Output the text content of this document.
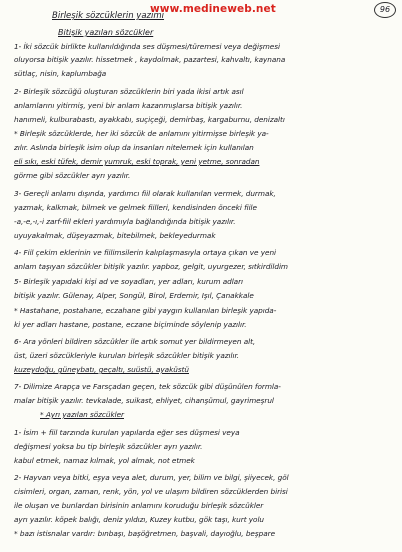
www.medineweb.net	96
Birleşik sözcüklerin yazımı
Bitişik yazılan sözcükler
1- İki sözcük birlikte kullanıldığında ses düşmesi/türemesi veya değişmesi
oluyorsa bitişik yazılır. hissetmek , kaydolmak, pazartesi, kahvaltı, kaynana
sütlaç, nisin, kaplumbağa
2- Birleşik sözcüğü oluşturan sözcüklerin biri yada ikisi artık asıl
anlamlarını yitirmiş, yeni bir anlam kazanmışlarsa bitişik yazılır.
hanımeli, kulburabastı, ayakkabı, suçiçeği, demirbaş, kargaburnu, denizaltı
* Birleşik sözcüklerde, her iki sözcük de anlamını yitirmişse birleşik ya-
zılır. Aslında birleşik isim olup da insanları nitelemek için kullanılan
eli sıkı, eski tüfek, demir yumruk, eski toprak, yeni yetme, sonradan
görme gibi sözcükler ayrı yazılır.
3- Gereçli anlamı dışında, yardımcı fiil olarak kullanılan vermek, durmak,
yazmak, kalkmak, bilmek ve gelmek fiilleri, kendisinden önceki fiile
-a,-e,-ı,-i zarf-fiil ekleri yardımıyla bağlandığında bitişik yazılır.
uyuyakalmak, düşeyazmak, bitebilmek, bekleyedurmak
4- Fiil çekim eklerinin ve fiilimsilerin kalıplaşmasıyla ortaya çıkan ve yeni
anlam taşıyan sözcükler bitişik yazılır. yapboz, gelgit, uyurgezer, sıtkirdildim
5- Birleşik yapıdaki kişi ad ve soyadları, yer adları, kurum adları
bitişik yazılır. Gülenay, Alper, Songül, Birol, Erdemir, Işıl, Çanakkale
* Hastahane, postahane, eczahane gibi yaygın kullanılan birleşik yapıda-
ki yer adları hastane, postane, eczane biçiminde söylenip yazılır.
6- Ara yönleri bildiren sözcükler ile artık somut yer bildirmeyen alt,
üst, üzeri sözcükleriyle kurulan birleşik sözcükler bitişik yazılır.
kuzeydoğu, güneybatı, geçaltı, suüstü, ayaküstü
7- Dilimize Arapça ve Farsçadan geçen, tek sözcük gibi düşünülen formla-
malar bitişik yazılır. tevkalade, suikast, ehliyet, cihanşümul, gayrimeşrul
* Ayrı yazılan sözcükler
1- İsim + fiil tarzında kurulan yapılarda eğer ses düşmesi veya
değişmesi yoksa bu tip birleşik sözcükler ayrı yazılır.
kabul etmek, namaz kılmak, yol almak, not etmek
2- Hayvan veya bitki, eşya veya alet, durum, yer, bilim ve bilgi, şiiyecek, göl
cisimleri, organ, zaman, renk, yön, yol ve ulaşım bildiren sözcüklerden birisi
ile oluşan ve bunlardan birisinin anlamını koruduğu birleşik sözcükler
ayrı yazılır. köpek balığı, deniz yıldızı, Kuzey kutbu, gök taşı, kurt yolu
* bazı istisnalar vardır: bınbaşı, başöğretmen, başvali, dayıoğlu, beşpare
